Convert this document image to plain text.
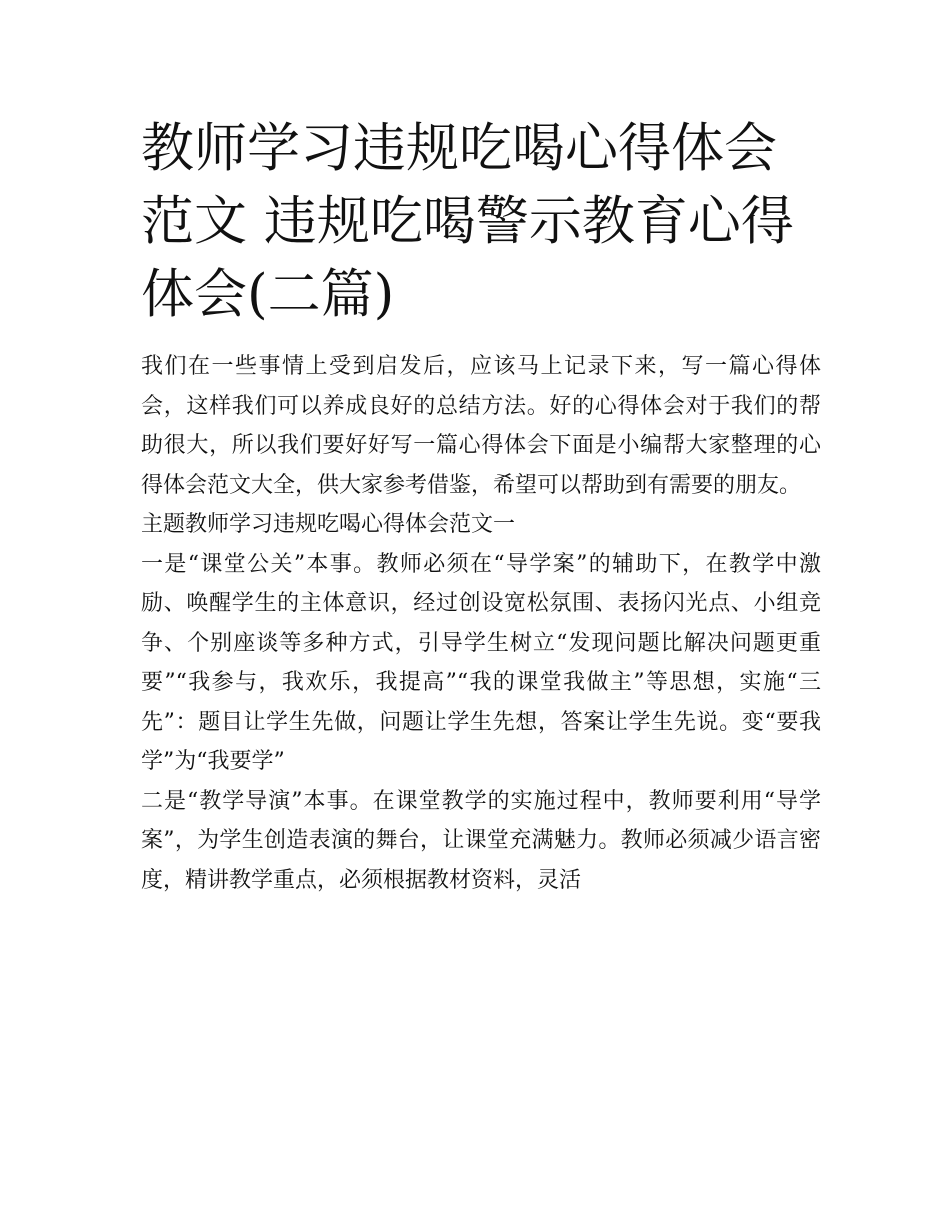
教师学习违规吃喝心得体会范文 违规吃喝警示教育心得体会(二篇)

我们在一些事情上受到启发后，应该马上记录下来，写一篇心得体会，这样我们可以养成良好的总结方法。好的心得体会对于我们的帮助很大，所以我们要好好写一篇心得体会下面是小编帮大家整理的心得体会范文大全，供大家参考借鉴，希望可以帮助到有需要的朋友。

主题教师学习违规吃喝心得体会范文一

一是“课堂公关”本事。教师必须在“导学案”的辅助下，在教学中激励、唤醒学生的主体意识，经过创设宽松氛围、表扬闪光点、小组竞争、个别座谈等多种方式，引导学生树立“发现问题比解决问题更重要”“我参与，我欢乐，我提高”“我的课堂我做主”等思想，实施“三先”：题目让学生先做，问题让学生先想，答案让学生先说。变“要我学”为“我要学”

二是“教学导演”本事。在课堂教学的实施过程中，教师要利用“导学案”，为学生创造表演的舞台，让课堂充满魅力。教师必须减少语言密度，精讲教学重点，必须根据教材资料，灵活
